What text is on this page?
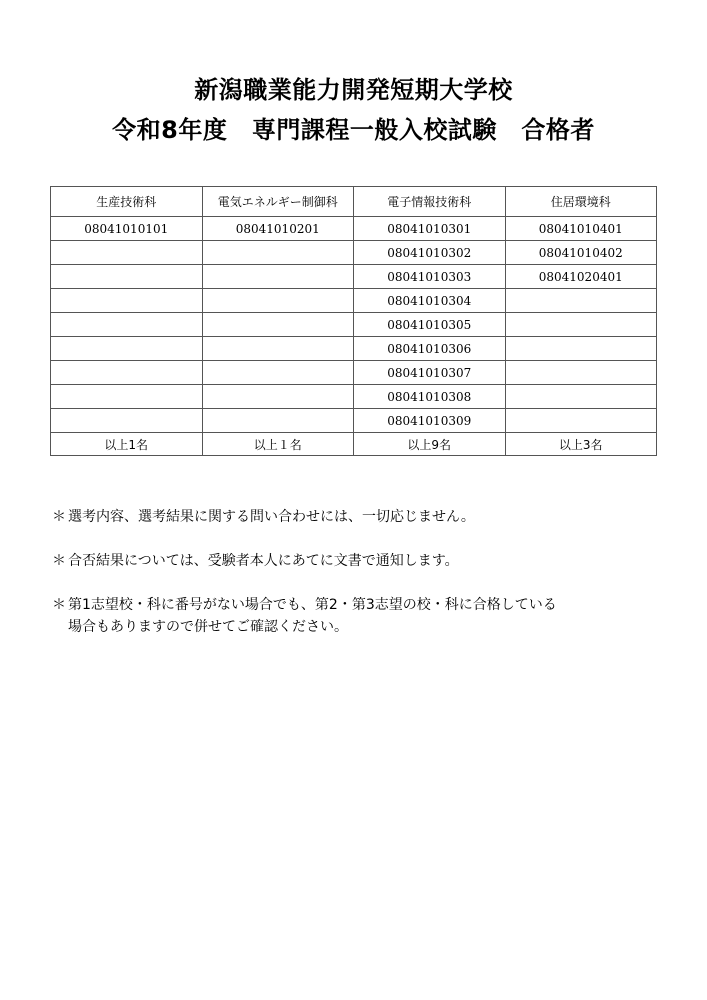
新潟職業能力開発短期大学校
令和8年度　専門課程一般入校試験　合格者
生産技術科	電気エネルギー制御科	電子情報技術科	住居環境科
08041010101	08041010201	08041010301	08041010401
		08041010302	08041010402
		08041010303	08041020401
		08041010304	
		08041010305	
		08041010306	
		08041010307	
		08041010308	
		08041010309	
以上1名	以上１名	以上9名	以上3名
＊ 選考内容、選考結果に関する問い合わせには、一切応じません。
＊ 合否結果については、受験者本人にあてに文書で通知します。
＊ 第1志望校・科に番号がない場合でも、第2・第3志望の校・科に合格している
場合もありますので併せてご確認ください。
